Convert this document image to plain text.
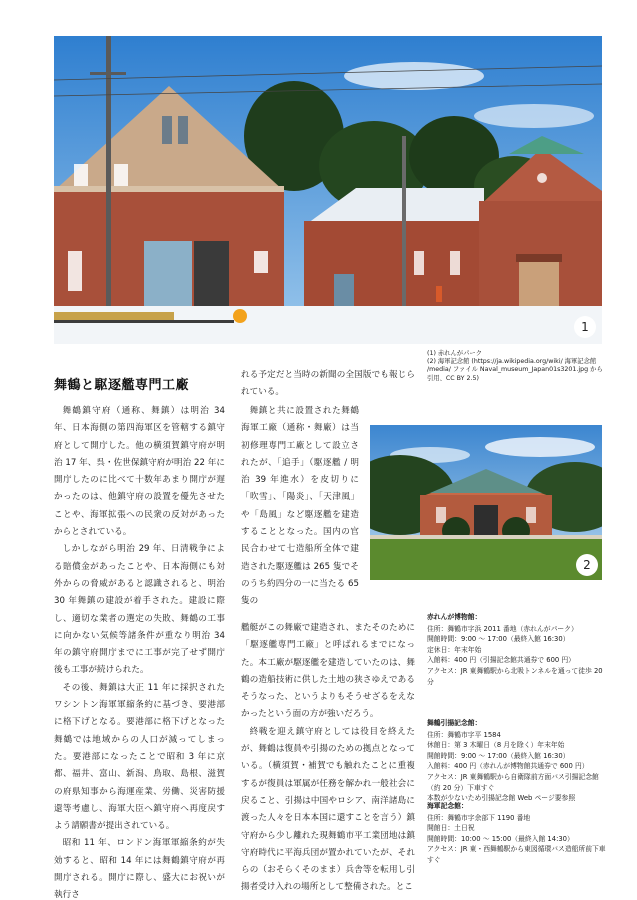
1

(1) 赤れんがパーク

(2) 海軍記念館 (https://ja.wikipedia.org/wiki/ 海軍記念館 /media/ ファイル Naval_museum_Japan01s3201.jpg から引用、CC BY 2.5)

舞鶴と駆逐艦専門工廠

舞鶴鎮守府（通称、舞鎮）は明治 34 年、日本海側の第四海軍区を管轄する鎮守府として開庁した。他の横須賀鎮守府が明治 17 年、呉・佐世保鎮守府が明治 22 年に開庁したのに比べて十数年あまり開庁が遅かったのは、他鎮守府の設置を優先させたことや、海軍拡張への民衆の反対があったからとされている。

しかしながら明治 29 年、日清戦争による賠償金があったことや、日本海側にも対外からの脅威があると認識されると、明治 30 年舞鎮の建設が着手された。建設に際し、適切な業者の選定の失敗、舞鶴の工事に向かない気候等諸条件が重なり明治 34 年の鎮守府開庁までに工事が完了せず開庁後も工事が続けられた。

その後、舞鎮は大正 11 年に採択されたワシントン海軍軍縮条約に基づき、要港部に格下げとなる。要港部に格下げとなった舞鶴では地域からの人口が減ってしまった。要港部になったことで昭和 3 年に京都、福井、富山、新潟、鳥取、島根、滋賀の府県知事から海運産業、労働、災害防援還等考慮し、海軍大臣へ鎮守府へ再度戻すよう請願書が提出されている。

昭和 11 年、ロンドン海軍軍縮条約が失効すると、昭和 14 年には舞鶴鎮守府が再開庁される。開庁に際し、盛大にお祝いが執行さ

れる予定だと当時の新聞の全国版でも報じられている。

舞鎮と共に設置された舞鶴海軍工廠（通称・舞廠）は当初修理専門工廠として設立されたが、「追手」（駆逐艦 / 明治 39 年進水）を皮切りに「吹雪」、「陽炎」、「天津風」や「島風」など駆逐艦を建造することとなった。国内の官民合わせて七造船所全体で建造された駆逐艦は 265 隻でそのうち約四分の一に当たる 65 隻の

艦艇がこの舞廠で建造され、またそのために「駆逐艦専門工廠」と呼ばれるまでになった。本工廠が駆逐艦を建造していたのは、舞鶴の造船技術に供した土地の狭さゆえであるそうなった、というよりもそうせざるをえなかったという面の方が強いだろう。

終戦を迎え鎮守府としては役目を終えたが、舞鶴は復員や引揚のための拠点となっている。（横須賀・補賀でも触れたことに重複するが復員は軍属が任務を解かれ一般社会に戻ること、引揚は中国やロシア、南洋諸島に渡った人々を日本本国に還すことを言う）鎮守府から少し離れた現舞鶴市平工業団地は鎮守府時代に平海兵団が置かれていたが、それらの（おそらくそのまま）兵舎等を転用し引揚者受け入れの場所として整備された。とこ

2
赤れんが博物館：
住所：舞鶴市字浜 2011 番地（赤れんがパーク）
開館時間：9:00 ～ 17:00（最終入館 16:30）
定休日：年末年始
入館料：400 円（引揚記念館共通券で 600 円）
アクセス：JR 東舞鶴駅から北吸トンネルを通って徒歩 20 分
舞鶴引揚記念館：
住所：舞鶴市字平 1584
休館日：第 3 木曜日（8 月を除く）年末年始
開館時間：9:00 ～ 17:00（最終入館 16:30）
入館料：400 円（赤れんが博物館共通券で 600 円）
アクセス：JR 東舞鶴駅から自衛隊前方面バス引揚記念館（約 20 分）下車すぐ
本数が少ないため引揚記念館 Web ページ要参照
海軍記念館：
住所：舞鶴市字余部下 1190 番地
開館日：土日祝
開館時間：10:00 ～ 15:00（最終入館 14:30）
アクセス：JR 東・西舞鶴駅から東図循環バス造船所前下車すぐ
